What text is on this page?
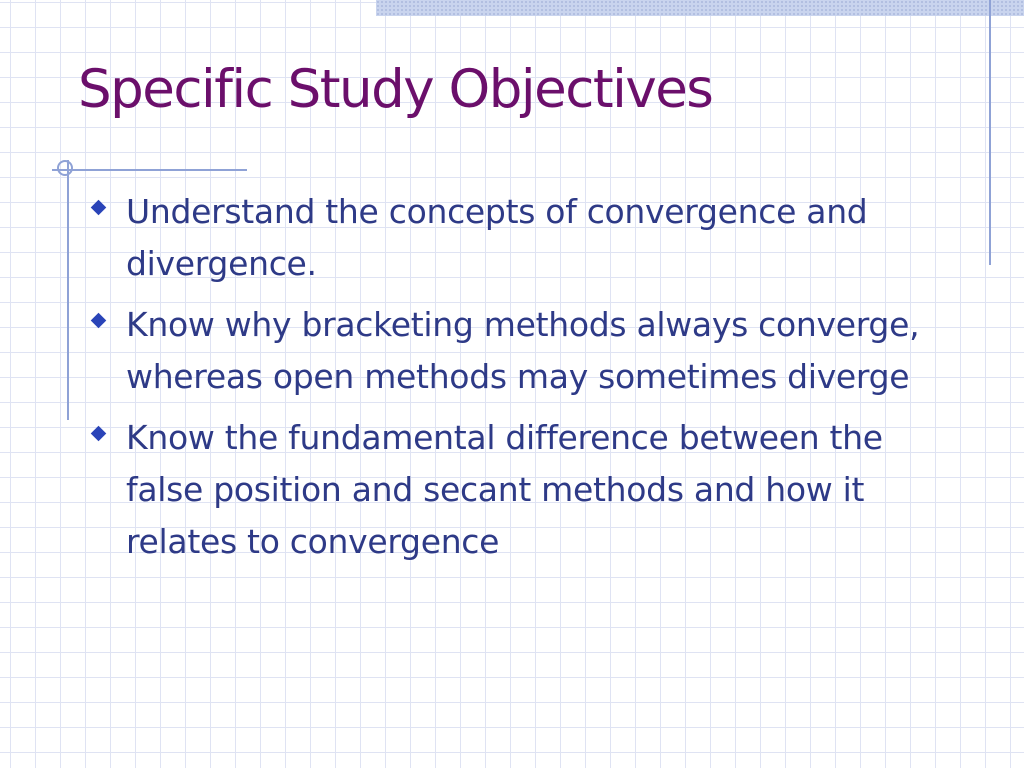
Specific Study Objectives
Understand the concepts of convergence and divergence.
Know why bracketing methods always converge, whereas open methods may sometimes diverge
Know the fundamental difference between the false position and secant methods and how it relates to convergence
